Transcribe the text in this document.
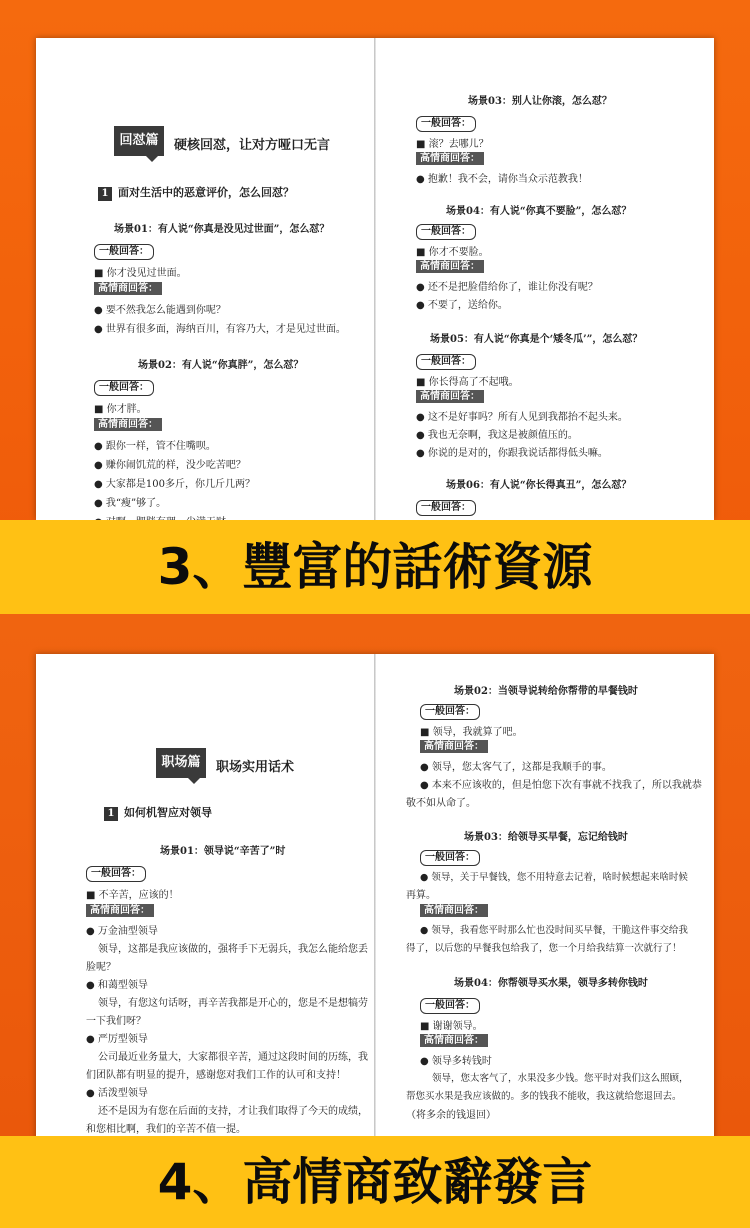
回怼篇	硬核回怼，让对方哑口无言
1 面对生活中的恶意评价，怎么回怼？
场景01：有人说“你真是没见过世面”，怎么怼？
一般回答：
■ 你才没见过世面。
高情商回答：
● 要不然我怎么能遇到你呢？
● 世界有很多面，海纳百川，有容乃大，才是见过世面。
场景02：有人说“你真胖”，怎么怼？
一般回答：
■ 你才胖。
高情商回答：
● 跟你一样，管不住嘴呗。
● 赚你闹饥荒的样，没少吃苦吧？
● 大家都是100多斤，你几斤几两？
● 我“瘦”够了。
场景03：别人让你滚，怎么怼？
一般回答：
■ 滚？去哪儿？
高情商回答：
● 抱歉！我不会，请你当众示范教我！
场景04：有人说“你真不要脸”，怎么怼？
一般回答：
■ 你才不要脸。
高情商回答：
● 还不是把脸借给你了，谁让你没有呢？
● 不要了，送给你。
场景05：有人说“你真是个‘矮冬瓜’”，怎么怼？
一般回答：
■ 你长得高了不起哦。
高情商回答：
● 这不是好事吗？所有人见到我都抬不起头来。
● 我也无奈啊，我这是被颜值压的。
● 你说的是对的，你跟我说话都得低头嘛。
场景06：有人说“你长得真丑”，怎么怼？
一般回答：
3、豐富的話術資源
职场篇	职场实用话术
1 如何机智应对领导
场景01：领导说“辛苦了”时
一般回答：
■ 不辛苦，应该的！
高情商回答：
● 万金油型领导
领导，这都是我应该做的，强将手下无弱兵，我怎么能给您丢
脸呢？
● 和蔼型领导
领导，有您这句话呀，再辛苦我都是开心的，您是不是想犒劳
一下我们呀？
● 严厉型领导
公司最近业务量大，大家都很辛苦，通过这段时间的历练，我
们团队都有明显的提升，感谢您对我们工作的认可和支持！
● 活泼型领导
还不是因为有您在后面的支持，才让我们取得了今天的成绩，
和您相比啊，我们的辛苦不值一提。
场景02：当领导说转给你帮带的早餐钱时
一般回答：
■ 领导，我就算了吧。
高情商回答：
● 领导，您太客气了，这都是我顺手的事。
● 本来不应该收的，但是怕您下次有事就不找我了，所以我就恭
敬不如从命了。
场景03：给领导买早餐，忘记给钱时
一般回答：
● 领导，关于早餐钱，您不用特意去记着，啥时候想起来啥时候
再算。
高情商回答：
● 领导，我看您平时那么忙也没时间买早餐，干脆这件事交给我
得了，以后您的早餐我包给我了，您一个月给我结算一次就行了！
场景04：你帮领导买水果，领导多转你钱时
一般回答：
■ 谢谢领导。
高情商回答：
● 领导多转钱时
领导，您太客气了，水果没多少钱。您平时对我们这么照顾，
帮您买水果是我应该做的。多的钱我不能收，我这就给您退回去。
（将多余的钱退回）
4、高情商致辭發言
